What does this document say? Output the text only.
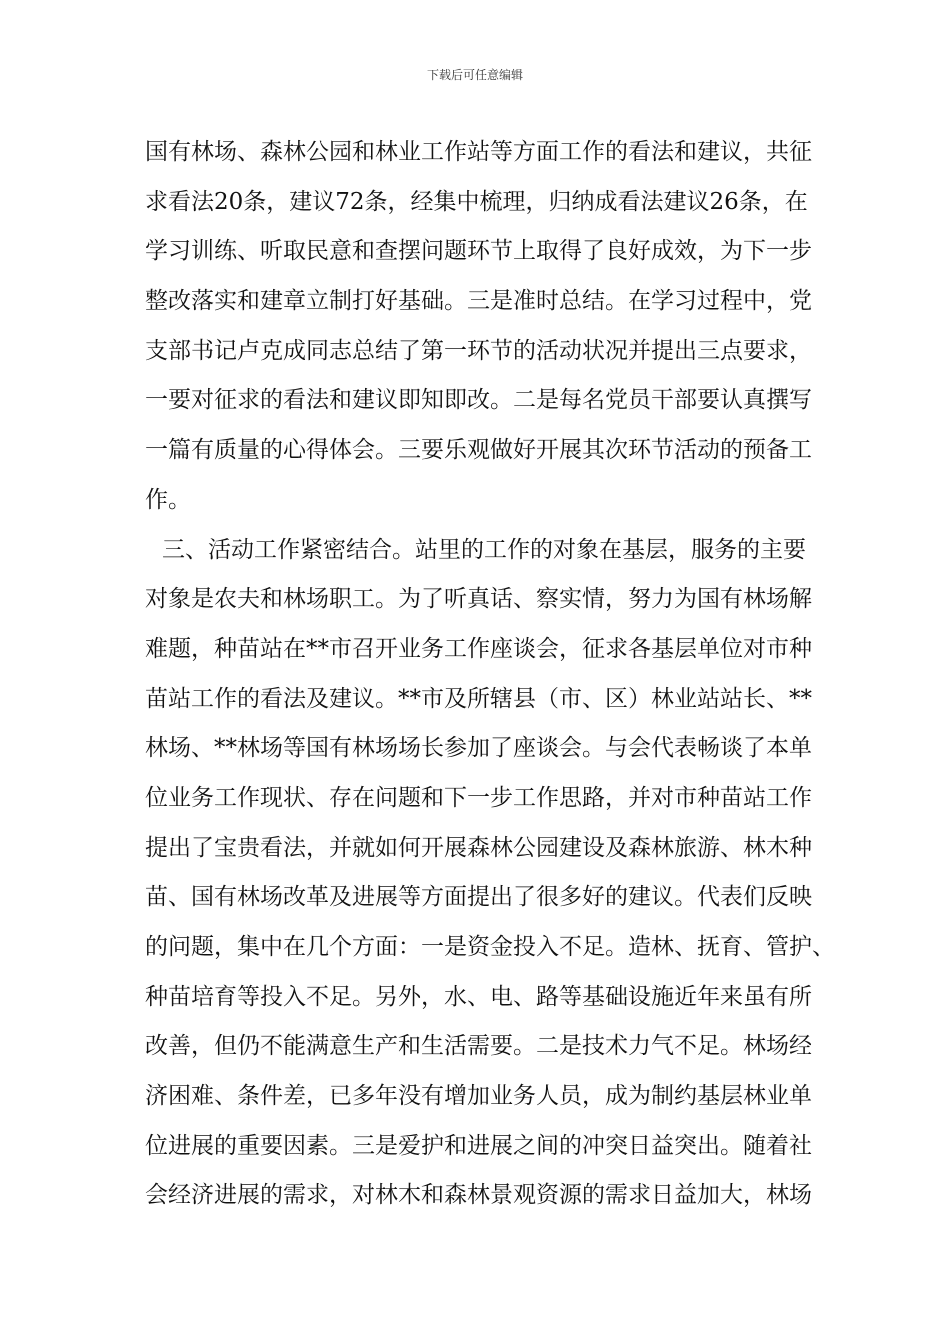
下载后可任意编辑
国有林场、森林公园和林业工作站等方面工作的看法和建议，共征
求看法20条，建议72条，经集中梳理，归纳成看法建议26条，在
学习训练、听取民意和查摆问题环节上取得了良好成效，为下一步
整改落实和建章立制打好基础。三是准时总结。在学习过程中，党
支部书记卢克成同志总结了第一环节的活动状况并提出三点要求，
一要对征求的看法和建议即知即改。二是每名党员干部要认真撰写
一篇有质量的心得体会。三要乐观做好开展其次环节活动的预备工
作。
三、活动工作紧密结合。站里的工作的对象在基层，服务的主要
对象是农夫和林场职工。为了听真话、察实情，努力为国有林场解
难题，种苗站在**市召开业务工作座谈会，征求各基层单位对市种
苗站工作的看法及建议。**市及所辖县（市、区）林业站站长、**
林场、**林场等国有林场场长参加了座谈会。与会代表畅谈了本单
位业务工作现状、存在问题和下一步工作思路，并对市种苗站工作
提出了宝贵看法，并就如何开展森林公园建设及森林旅游、林木种
苗、国有林场改革及进展等方面提出了很多好的建议。代表们反映
的问题，集中在几个方面：一是资金投入不足。造林、抚育、管护、
种苗培育等投入不足。另外，水、电、路等基础设施近年来虽有所
改善，但仍不能满意生产和生活需要。二是技术力气不足。林场经
济困难、条件差，已多年没有增加业务人员，成为制约基层林业单
位进展的重要因素。三是爱护和进展之间的冲突日益突出。随着社
会经济进展的需求，对林木和森林景观资源的需求日益加大，林场
